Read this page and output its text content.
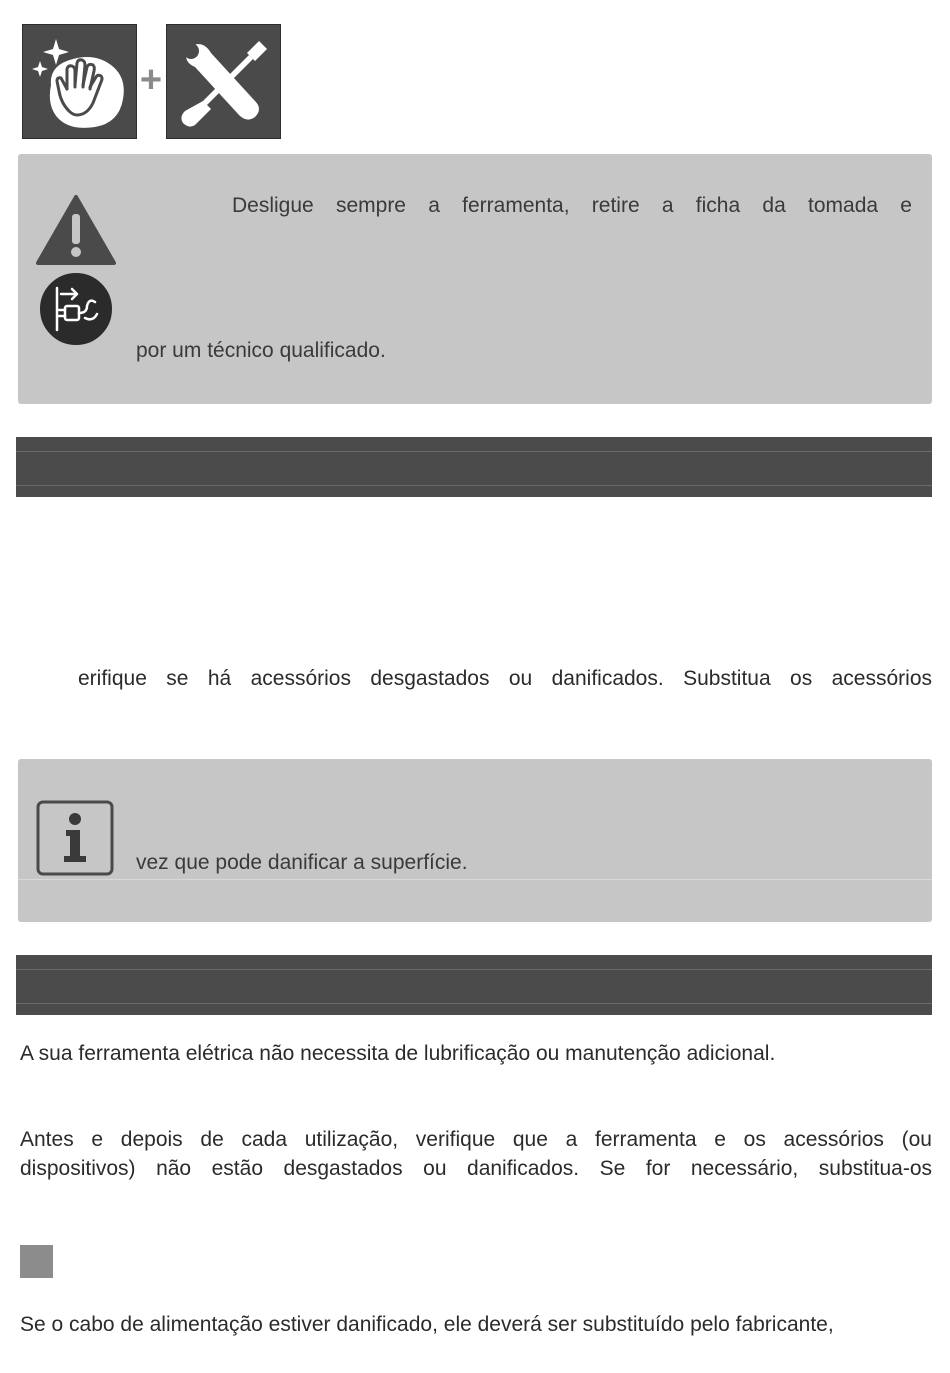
+
Desligue sempre a ferramenta, retire a ficha da tomada e
por um técnico qualificado.
erifique se há acessórios desgastados ou danificados. Substitua os acessórios
vez que pode danificar a superfície.
A sua ferramenta elétrica não necessita de lubrificação ou manutenção adicional.
Antes e depois de cada utilização, verifique que a ferramenta e os acessórios (ou
dispositivos) não estão desgastados ou danificados. Se for necessário, substitua-os
Se o cabo de alimentação estiver danificado, ele deverá ser substituído pelo fabricante,
